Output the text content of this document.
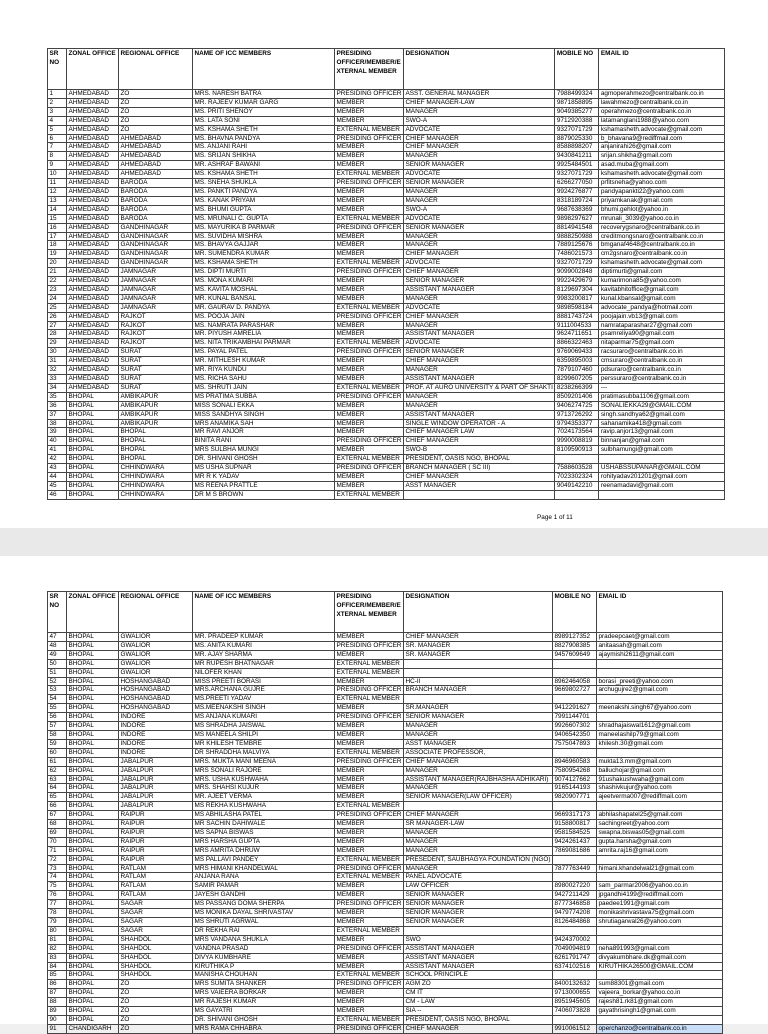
SR NO	ZONAL OFFICE	REGIONAL OFFICE	NAME OF ICC MEMBERS	PRESIDING OFFICER/MEMBER/E XTERNAL MEMBER	DESIGNATION	MOBILE NO	EMAIL ID
1	AHMEDABAD	ZO	MRS. NARESH BATRA	PRESIDING OFFICER	ASST. GENERAL MANAGER	7988499324	agmoperahmezo@centralbank.co.in
2	AHMEDABAD	ZO	MR. RAJEEV KUMAR GARG	MEMBER	CHIEF MANAGER-LAW	9871858895	lawahmezo@centralbank.co.in
3	AHMEDABAD	ZO	MS. PRITI SHENOY	MEMBER	MANAGER	9049385277	operahmezo@centralbank.co.in
4	AHMEDABAD	ZO	MS. LATA SONI	MEMBER	SWO-A	9712920388	latamanglani1988@yahoo.com
5	AHMEDABAD	ZO	MS. KSHAMA SHETH	EXTERNAL MEMBER	ADVOCATE	9327071729	kshamasheth.advocate@gmail.com
6	AHMEDABAD	AHMEDABAD	MS. BHAVNA PANDYA	PRESIDING OFFICER	CHIEF MANAGER	8879025330	b_bhavana9@rediffmail.com
7	AHMEDABAD	AHMEDABAD	MS. ANJANI RAHI	MEMBER	CHIEF MANAGER	8588898207	anjanirahi26@gmail.com
8	AHMEDABAD	AHMEDABAD	MS. SRIJAN SHIKHA	MEMBER	MANAGER	9430841211	srijan.shikha@gmail.com
9	AHMEDABAD	AHMEDABAD	MR. ASHRAF BAWANI	MEMBER	SENIOR MANAGER	9925484501	asad.muba@gmail.com
10	AHMEDABAD	AHMEDABAD	MS. KSHAMA SHETH	EXTERNAL MEMBER	ADVOCATE	9327071729	kshamasheth.advocate@gmail.com
11	AHMEDABAD	BARODA	MS. SNEHA SHUKLA	PRESIDING OFFICER	SENIOR MANAGER	6266277050	prfitsneha@yahoo.com
12	AHMEDABAD	BARODA	MS. PANKTI PANDYA	MEMBER	MANAGER	9924276877	pandyapankti22@yahoo.com
13	AHMEDABAD	BARODA	MS. KANAK PRIYAM	MEMBER	MANAGER	8318189724	priyamkanak@gmail.com
14	AHMEDABAD	BARODA	MS. BHUMI GUPTA	MEMBER	SWO-A	9687638369	bhumi.gehlot@yahoo.in
15	AHMEDABAD	BARODA	MS. MRUNALI C. GUPTA	EXTERNAL MEMBER	ADVOCATE	9898297627	mrunali_3039@yahoo.co.in
16	AHMEDABAD	GANDHINAGAR	MS. MAYURIKA B PARMAR	PRESIDING OFFICER	SENIOR MANAGER	8814941548	recoverygsnaro@centralbank.co.in
17	AHMEDABAD	GANDHINAGAR	MS. SUVIDHA MISHRA	MEMBER	MANAGER	9888250988	creditmongsnaro@centralbank.co.in
18	AHMEDABAD	GANDHINAGAR	MS. BHAVYA GAJJAR	MEMBER	MANAGER	7889125676	bmganaf4648@centralbank.co.in
19	AHMEDABAD	GANDHINAGAR	MR. SUMENDRA KUMAR	MEMBER	CHIEF MANAGER	7486021573	cm2gsnaro@centralbank.co.in
20	AHMEDABAD	GANDHINAGAR	MS. KSHAMA SHETH	EXTERNAL MEMBER	ADVOCATE	9327071729	kshamasheth.advocate@gmail.com
21	AHMEDABAD	JAMNAGAR	MS. DIPTI MURTI	PRESIDING OFFICER	CHIEF MANAGER	9099002848	diptimurti@gmail.com
22	AHMEDABAD	JAMNAGAR	MS. MONA KUMARI	MEMBER	SENIOR MANAGER	9922429679	kumarimona85@yahoo.com
23	AHMEDABAD	JAMNAGAR	MS. KAVITA MOSHAL	MEMBER	ASSISTANT MANAGER	8129697304	kavitabhitoffice@gmail.com
24	AHMEDABAD	JAMNAGAR	MR. KUNAL BANSAL	MEMBER	MANAGER	9983200817	kunal.kbansal@gmail.com
25	AHMEDABAD	JAMNAGAR	MR. GAURAV D. PANDYA	EXTERNAL MEMBER	ADVOCATE	9898598184	advocate_pandya@hotmail.com
26	AHMEDABAD	RAJKOT	MS. POOJA JAIN	PRESIDING OFFICER	CHIEF MANAGER	8881743724	poojajain.vb13@gmail.com
27	AHMEDABAD	RAJKOT	MS. NAMRATA PARASHAR	MEMBER	MANAGER	9111004533	namrataparashar27@gmail.com
28	AHMEDABAD	RAJKOT	MR. PIYUSH AMRELIA	MEMBER	ASSISTANT MANAGER	9624711651	psamreliya90@gmail.com
29	AHMEDABAD	RAJKOT	MS. NITA TRIKAMBHAI PARMAR	EXTERNAL MEMBER	ADVOCATE	8866322463	nitaparmar75@gmail.com
30	AHMEDABAD	SURAT	MS. PAYAL PATEL	PRESIDING OFFICER	SENIOR MANAGER	9769069433	racsuraro@centralbank.co.in
31	AHMEDABAD	SURAT	MR. MITHLESH KUMAR	MEMBER	CHIEF MANAGER	6359895003	cmsuraro@centralbank.co.in
32	AHMEDABAD	SURAT	MR. RIYA KUNDU	MEMBER	MANAGER	7879107460	pdsuraro@centralbank.co.in
33	AHMEDABAD	SURAT	MS. RICHA SAHU	MEMBER	ASSISTANT MANAGER	8299607205	perssuraro@centralbank.co.in
34	AHMEDABAD	SURAT	MS. SHRUTI JAIN	EXTERNAL MEMBER	PROF. AT AURO UNIVERSITY & PART OF SHAKTI	8238266399	---
35	BHOPAL	AMBIKAPUR	MS PRATIMA SUBBA	PRESIDING OFFICER	MANAGER	8509201406	pratimasubba1106@gmail.com
36	BHOPAL	AMBIKAPUR	MISS SONALI EKKA	MEMBER	MANAGER	9406274725	SONALIEKKA29@GMAIL.COM
37	BHOPAL	AMBIKAPUR	MISS SANDHYA SINGH	MEMBER	ASSISTANT MANAGER	9713726292	singh.sandhya62@gmail.com
38	BHOPAL	AMBIKAPUR	MRS ANAMIKA SAH	MEMBER	SINGLE WINDOW OPERATOR - A	9794353377	sahanamika418@gmail.com
39	BHOPAL	BHOPAL	MR RAVI ANJOR	MEMBER	CHIEF MANAGER LAW	7024173564	ravip.anjor13@gmail.com
40	BHOPAL	BHOPAL	BINITA RANI	PRESIDING OFFICER	CHIEF MANAGER	9990008819	binnanjan@gmail.com
41	BHOPAL	BHOPAL	MRS SULBHA MUNGI	MEMBER	SWO-B	8109590913	sulbhamungi@gmail.com
42	BHOPAL	BHOPAL	DR. SHIVANI GHOSH	EXTERNAL MEMBER	PRESIDENT, OASIS NGO, BHOPAL		
43	BHOPAL	CHHINDWARA	MS USHA SUPNAR	PRESIDING OFFICER	BRANCH MANAGER ( SC III)	7588603528	USHABSSUPANAR@GMAIL.COM
44	BHOPAL	CHHINDWARA	MR R K YADAV	MEMBER	CHIEF MANAGER	7023302324	rohityadav201201@gmail.com
45	BHOPAL	CHHINDWARA	MS REENA PRATTLE	MEMBER	ASST MANAGER	9049142210	reenamadavi@gmail.com
46	BHOPAL	CHHINDWARA	DR M S BROWN	EXTERNAL MEMBER			
Page 1 of 11
SR NO	ZONAL OFFICE	REGIONAL OFFICE	NAME OF ICC MEMBERS	PRESIDING OFFICER/MEMBER/E XTERNAL MEMBER	DESIGNATION	MOBILE NO	EMAIL ID
47	BHOPAL	GWALIOR	MR. PRADEEP KUMAR	MEMBER	CHIEF MANAGER	8989127352	pradeepcaet@gmail.com
48	BHOPAL	GWALIOR	MS. ANITA KUMARI	PRESIDING OFFICER	SR. MANAGER	8827908385	anitaasah@gmail.com
49	BHOPAL	GWALIOR	MR. AJAY SHARMA	MEMBER	SR. MANAGER	9457609649	ajaymishi2611@gmail.com
50	BHOPAL	GWALIOR	MR RUPESH BHATNAGAR	EXTERNAL MEMBER			
51	BHOPAL	GWALIOR	NILOFER KHAN	EXTERNAL MEMBER			
52	BHOPAL	HOSHANGABAD	MISS PREETI BORASI	MEMBER	HC-II	8962464058	borasi_preeti@yahoo.com
53	BHOPAL	HOSHANGABAD	MRS.ARCHANA GUJRE	PRESIDING OFFICER	BRANCH MANAGER	9669802727	archugujre2@gmail.com
54	BHOPAL	HOSHANGABAD	MS.PREETI YADAV	EXTERNAL MEMBER			
55	BHOPAL	HOSHANGABAD	MS.MEENAKSHI SINGH	MEMBER	SR.MANAGER	9412291627	meenakshi.singh67@yahoo.com
56	BHOPAL	INDORE	MS ANJANA KUMARI	PRESIDING OFFICER	SENIOR MANAGER	7991144701	
57	BHOPAL	INDORE	MS SHRADHA JAISWAL	MEMBER	MANAGER	9926607302	shradhajaiswal1612@gmail.com
58	BHOPAL	INDORE	MS MANEELA SHILPI	MEMBER	MANAGER	9406542350	maneelashilp79@gmail.com
59	BHOPAL	INDORE	MR KHILESH TEMBRE	MEMBER	ASST MANAGER	7575047893	khilesh.30@gmail.com
60	BHOPAL	INDORE	DR SHRADDHA MALVIYA	EXTERNAL MEMBER	ASSOCIATE PROFESSOR,		
61	BHOPAL	JABALPUR	MRS. MUKTA MANI MEENA	PRESIDING OFFICER	CHIEF MANAGER	8946960583	mukta13.mm@gmail.com
62	BHOPAL	JABALPUR	MRS SONALI RAJORE	MEMBER	MANAGER	7580954268	balluchojar@gmail.com
63	BHOPAL	JABALPUR	MRS. USHA KUSHWAHA	MEMBER	ASSISTANT MANAGER(RAJBHASHA ADHIKARI)	9074127662	91ushakushwaha@gmail.com
64	BHOPAL	JABALPUR	MRS. SHAHSI KUJUR	MEMBER	MANAGER	9165144193	shashivkujur@yahoo.com
65	BHOPAL	JABALPUR	MR. AJEET VERMA	MEMBER	SENIOR MANAGER(LAW OFFICER)	9820907771	ajeetverma007@rediffmail.com
66	BHOPAL	JABALPUR	MS REKHA KUSHWAHA	EXTERNAL MEMBER			
67	BHOPAL	RAIPUR	MS ABHILASHA PATEL	PRESIDING OFFICER	CHIEF MANAGER	9669317173	abhilashapatel25@gmail.com
68	BHOPAL	RAIPUR	MR SACHIN DAHIWALE	MEMBER	SR MANAGER-LAW	9158800817	sachingreet@yahoo.com
69	BHOPAL	RAIPUR	MS SAPNA BISWAS	MEMBER	MANAGER	9581584525	swapna.biswas05@gmail.com
70	BHOPAL	RAIPUR	MRS HARSHA GUPTA	MEMBER	MANAGER	9424261437	gupta.harsha@gmail.com
71	BHOPAL	RAIPUR	MRS AMRITA DHRUW	MEMBER	MANAGER	7869081686	amrita.raj16@gmail.com
72	BHOPAL	RAIPUR	MS PALLAVI PANDEY	EXTERNAL MEMBER	PRESEDENT, SAUBHAGYA FOUNDATION (NGO)		
73	BHOPAL	RATLAM	MRS HIMANI KHANDELWAL	PRESIDING OFFICER	MANAGER	7877763449	himani.khandelwal21@gmail.com
74	BHOPAL	RATLAM	ANJANA RANA	EXTERNAL MEMBER	PANEL ADVOCATE		
75	BHOPAL	RATLAM	SAMIR PAMAR	MEMBER	LAW OFFICER	8980027220	sam_parmar2006@yahoo.co.in
76	BHOPAL	RATLAM	JAYESH GANDHI	MEMBER	SENIOR MANAGER	9427211429	jpgandhi4199@rediffmail.com
77	BHOPAL	SAGAR	MS PASSANG DOMA SHERPA	PRESIDING OFFICER	SENIOR MANAGER	8777346858	paedee1991@gmail.com
78	BHOPAL	SAGAR	MS MONIKA DAYAL SHRIVASTAV	MEMBER	SENIOR MANAGER	9479774208	monikashrivastava75@gmail.com
79	BHOPAL	SAGAR	MS SHRUTI AGRWAL	MEMBER	SENIOR MANAGER	8126484868	shrutiagarwal26@yahoo.com
80	BHOPAL	SAGAR	DR REKHA RAI	EXTERNAL MEMBER			
81	BHOPAL	SHAHDOL	MRS VANDANA SHUKLA	MEMBER	SWO	9424370002	
82	BHOPAL	SHAHDOL	VANDNA PRASAD	PRESIDING OFFICER	ASSISTANT MANAGER	7049094819	neha891993@gmail.com
83	BHOPAL	SHAHDOL	DIVYA KUMBHARE	MEMBER	ASSISTANT MANAGER	6261791747	divyakumbhare.dk@gmail.com
84	BHOPAL	SHAHDOL	KIRUTHIKA P	MEMBER	ASSISTANT MANAGER	6374102516	KIRUTHIKA26500@GMAIL.COM
85	BHOPAL	SHAHDOL	MANISHA CHOUHAN	EXTERNAL MEMBER	SCHOOL PRINCIPLE		
86	BHOPAL	ZO	MRS SUMITA SHANKER	PRESIDING OFFICER	AGM ZO	8400132632	sum88301@gmail.com
87	BHOPAL	ZO	MRS VAIEERA BORKAR	MEMBER	CM IT	9713000655	vajeera_borkar@yahoo.co.in
88	BHOPAL	ZO	MR RAJESH KUMAR	MEMBER	CM - LAW	8951945605	rajesh81.rk81@gmail.com
89	BHOPAL	ZO	MS GAYATRI	MEMBER	SIA --	7406073828	gayathrisingh1@gmail.com
90	BHOPAL	ZO	DR. SHIVANI GHOSH	EXTERNAL MEMBER	PRESIDENT, OASIS NGO, BHOPAL		
91	CHANDIGARH	ZO	MRS RAMA CHHABRA	PRESIDING OFFICER	CHIEF MANAGER	9910061512	operchanzo@centralbank.co.in
